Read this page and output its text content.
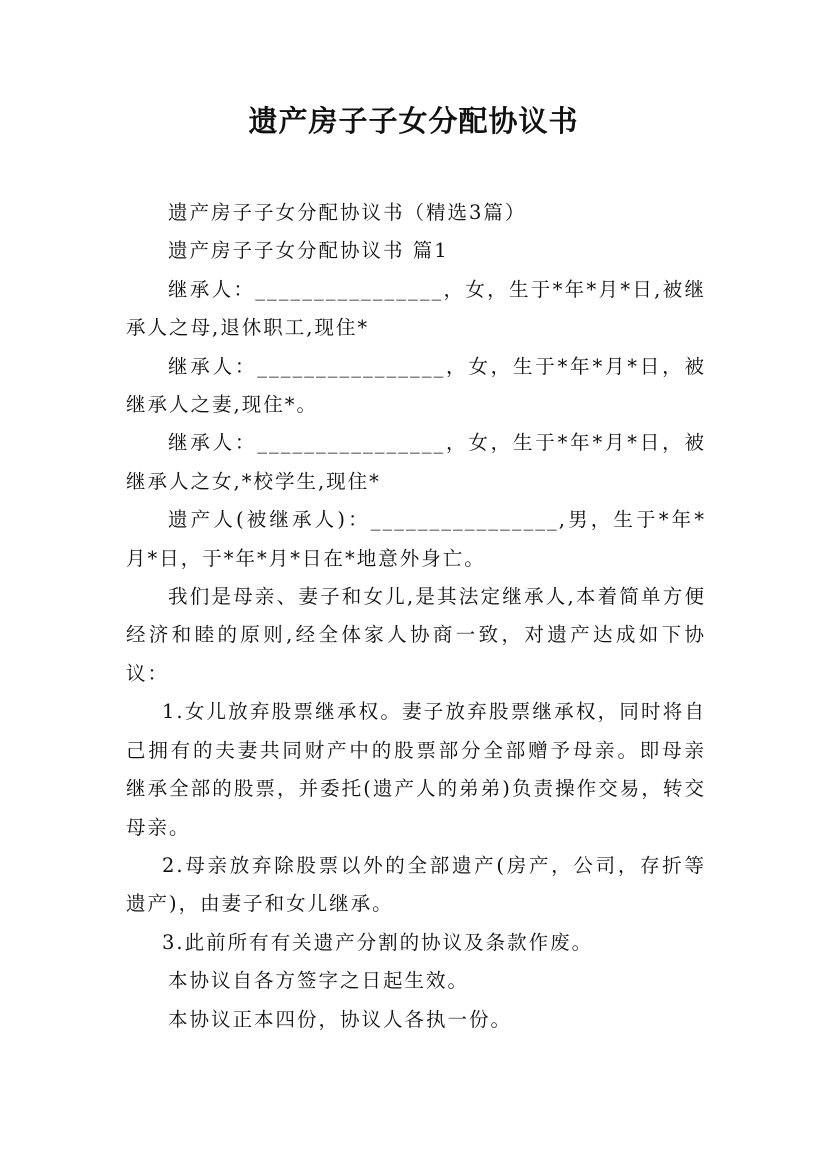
遗产房子子女分配协议书

遗产房子子女分配协议书（精选3篇）

遗产房子子女分配协议书 篇1

继承人：________________，女，生于*年*月*日,被继承人之母,退休职工,现住*

继承人：________________，女，生于*年*月*日，被继承人之妻,现住*。

继承人：________________，女，生于*年*月*日，被继承人之女,*校学生,现住*

遗产人(被继承人)：________________,男，生于*年*月*日，于*年*月*日在*地意外身亡。

我们是母亲、妻子和女儿,是其法定继承人,本着简单方便经济和睦的原则,经全体家人协商一致，对遗产达成如下协议：

1.女儿放弃股票继承权。妻子放弃股票继承权，同时将自己拥有的夫妻共同财产中的股票部分全部赠予母亲。即母亲继承全部的股票，并委托(遗产人的弟弟)负责操作交易，转交母亲。

2.母亲放弃除股票以外的全部遗产(房产，公司，存折等遗产)，由妻子和女儿继承。

3.此前所有有关遗产分割的协议及条款作废。

本协议自各方签字之日起生效。

本协议正本四份，协议人各执一份。
